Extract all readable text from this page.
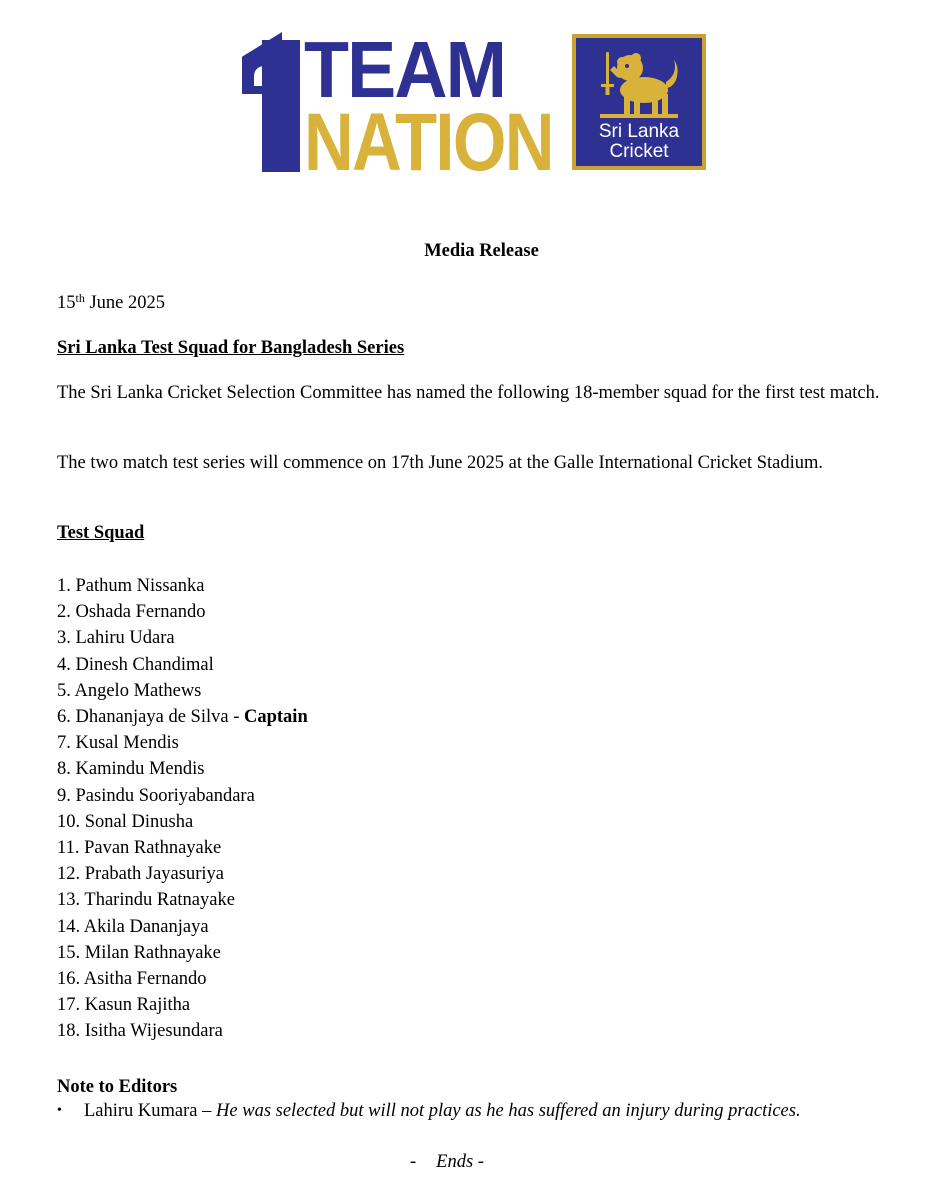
TEAM
NATION	Sri Lanka
Cricket
Media Release
15th June 2025
Sri Lanka Test Squad for Bangladesh Series
The Sri Lanka Cricket Selection Committee has named the following 18-member squad for the first test match.
The two match test series will commence on 17th June 2025 at the Galle International Cricket Stadium.
Test Squad
1. Pathum Nissanka
2. Oshada Fernando
3. Lahiru Udara
4. Dinesh Chandimal
5. Angelo Mathews
6. Dhananjaya de Silva - Captain
7. Kusal Mendis
8. Kamindu Mendis
9. Pasindu Sooriyabandara
10. Sonal Dinusha
11. Pavan Rathnayake
12. Prabath Jayasuriya
13. Tharindu Ratnayake
14. Akila Dananjaya
15. Milan Rathnayake
16. Asitha Fernando
17. Kasun Rajitha
18. Isitha Wijesundara
Note to Editors
• Lahiru Kumara – He was selected but will not play as he has suffered an injury during practices.
- Ends -
